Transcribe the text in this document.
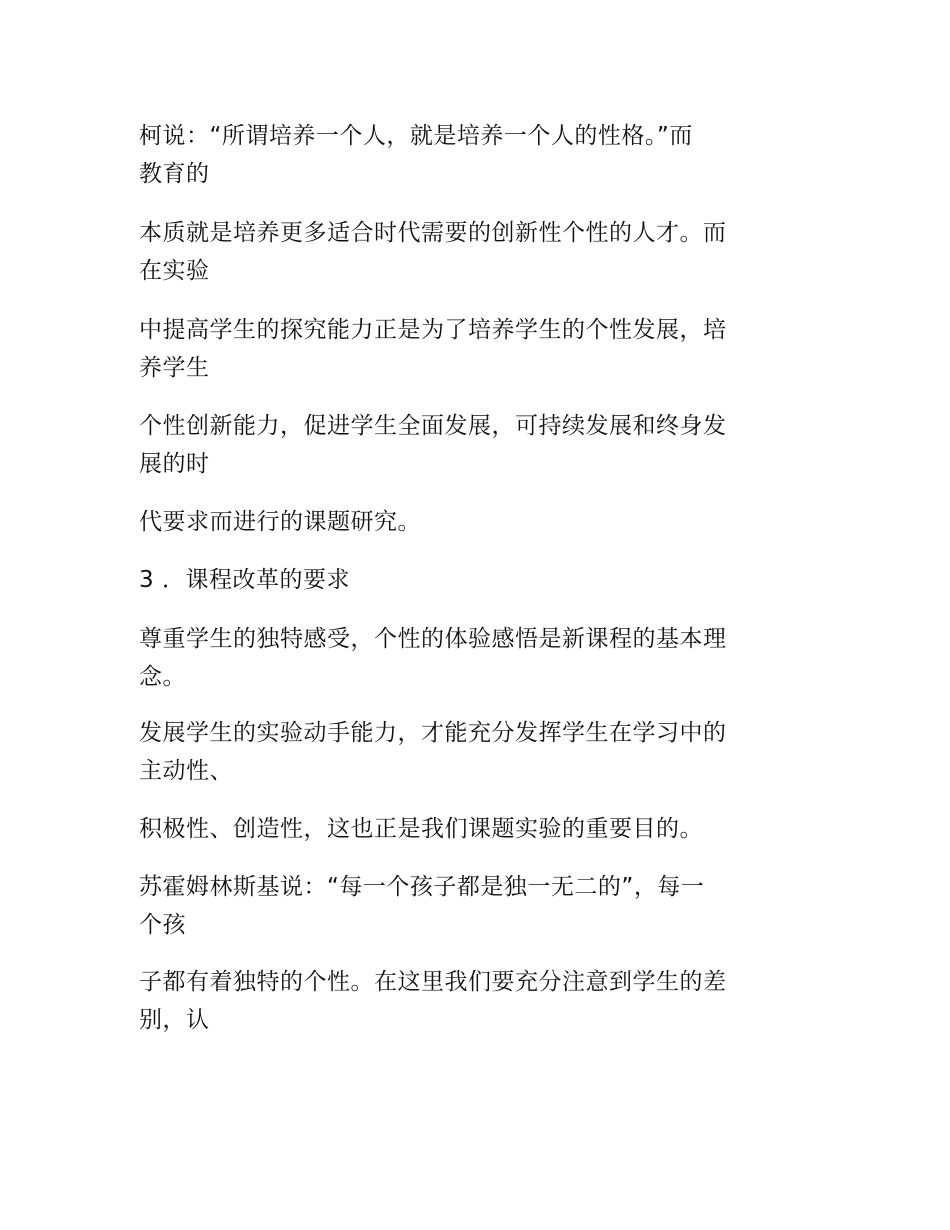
柯说：“所谓培养一个人，就是培养一个人的性格。”而
教育的

本质就是培养更多适合时代需要的创新性个性的人才。而
在实验

中提高学生的探究能力正是为了培养学生的个性发展，培
养学生

个性创新能力，促进学生全面发展，可持续发展和终身发
展的时

代要求而进行的课题研究。

3 ．课程改革的要求

尊重学生的独特感受，个性的体验感悟是新课程的基本理
念。

发展学生的实验动手能力，才能充分发挥学生在学习中的
主动性、

积极性、创造性，这也正是我们课题实验的重要目的。

苏霍姆林斯基说：“每一个孩子都是独一无二的”，每一
个孩

子都有着独特的个性。在这里我们要充分注意到学生的差
别，认
